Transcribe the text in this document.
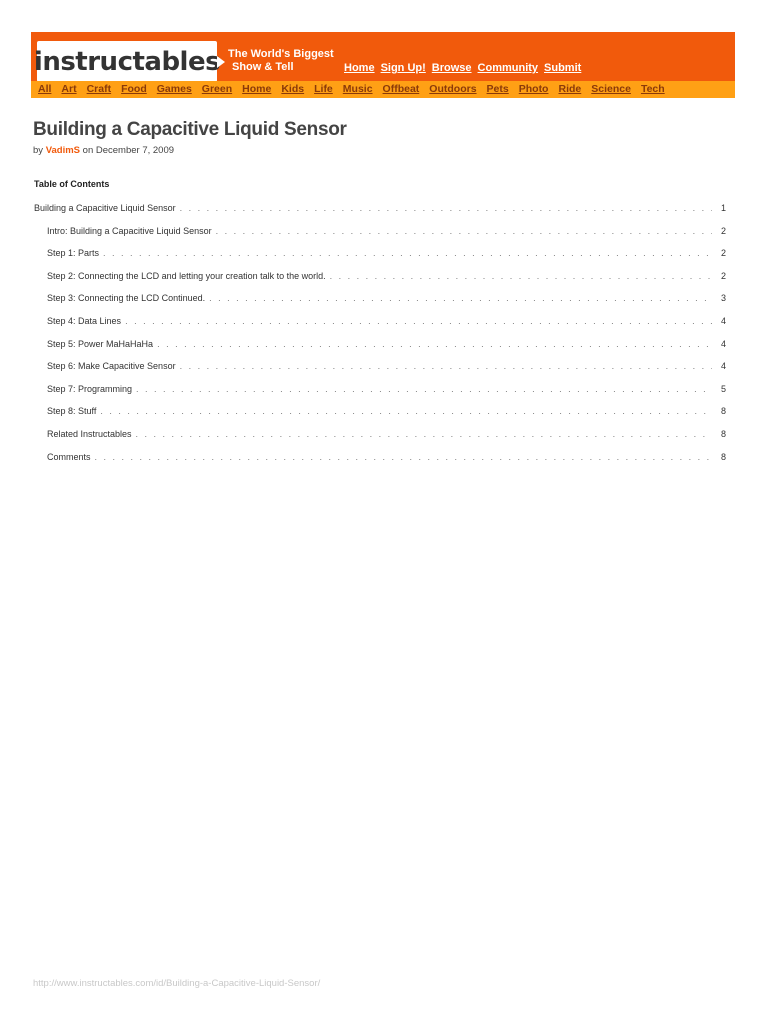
instructables The World's Biggest
Show & Tell	Home Sign Up! Browse Community Submit
All Art Craft Food Games Green Home Kids Life Music Offbeat Outdoors Pets Photo Ride Science Tech
Building a Capacitive Liquid Sensor
by VadimS on December 7, 2009
Table of Contents
Building a Capacitive Liquid Sensor . . .	1
Intro: Building a Capacitive Liquid Sensor . . .	2
Step 1: Parts . . .	2
Step 2: Connecting the LCD and letting your creation talk to the world. . . .	2
Step 3: Connecting the LCD Continued. . . .	3
Step 4: Data Lines . . .	4
Step 5: Power MaHaHaHa . . .	4
Step 6: Make Capacitive Sensor . . .	4
Step 7: Programming . . .	5
Step 8: Stuff . . .	8
Related Instructables . . .	8
Comments . . .	8
http://www.instructables.com/id/Building-a-Capacitive-Liquid-Sensor/
